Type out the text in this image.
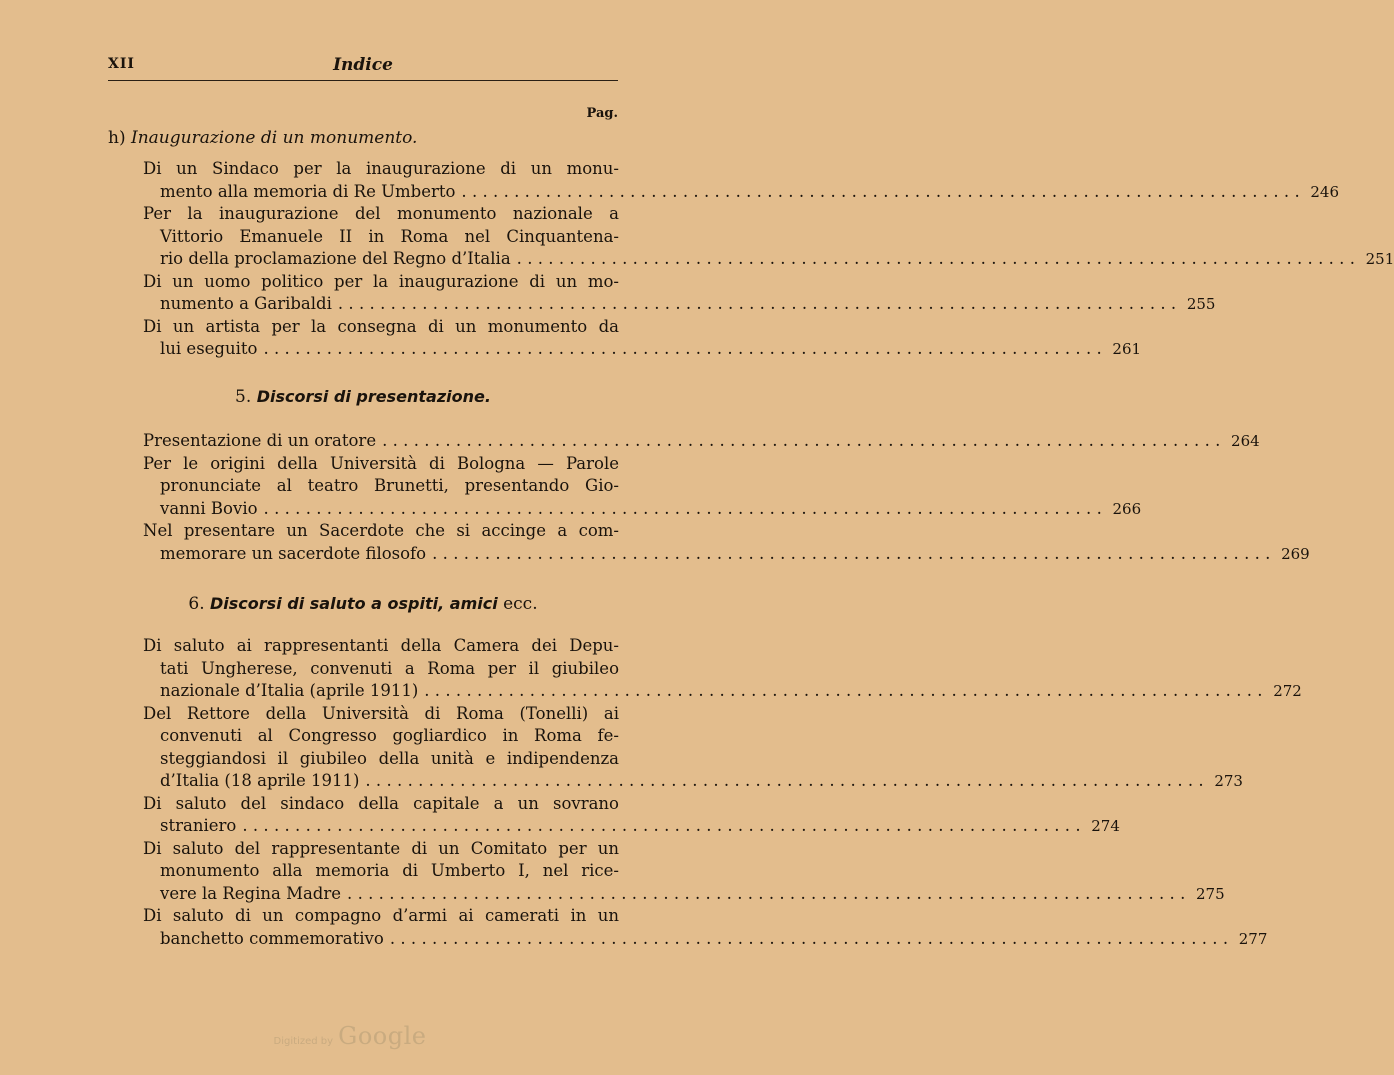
XII	Indice
Pag.
h) Inaugurazione di un monumento.
Di un Sindaco per la inaugurazione di un monu-
mento alla memoria di Re Umberto ................................................................................ 246
Per la inaugurazione del monumento nazionale a
Vittorio Emanuele II in Roma nel Cinquantena-
rio della proclamazione del Regno d’Italia ................................................................................ 251
Di un uomo politico per la inaugurazione di un mo-
numento a Garibaldi ................................................................................ 255
Di un artista per la consegna di un monumento da
lui eseguito ................................................................................ 261
5. Discorsi di presentazione.
Presentazione di un oratore ................................................................................ 264
Per le origini della Università di Bologna — Parole
pronunciate al teatro Brunetti, presentando Gio-
vanni Bovio ................................................................................ 266
Nel presentare un Sacerdote che si accinge a com-
memorare un sacerdote filosofo ................................................................................ 269
6. Discorsi di saluto a ospiti, amici ecc.
Di saluto ai rappresentanti della Camera dei Depu-
tati Ungherese, convenuti a Roma per il giubileo
nazionale d’Italia (aprile 1911) ................................................................................ 272
Del Rettore della Università di Roma (Tonelli) ai
convenuti al Congresso gogliardico in Roma fe-
steggiandosi il giubileo della unità e indipendenza
d’Italia (18 aprile 1911) ................................................................................ 273
Di saluto del sindaco della capitale a un sovrano
straniero ................................................................................ 274
Di saluto del rappresentante di un Comitato per un
monumento alla memoria di Umberto I, nel rice-
vere la Regina Madre ................................................................................ 275
Di saluto di un compagno d’armi ai camerati in un
banchetto commemorativo ................................................................................ 277
Digitized by Google
